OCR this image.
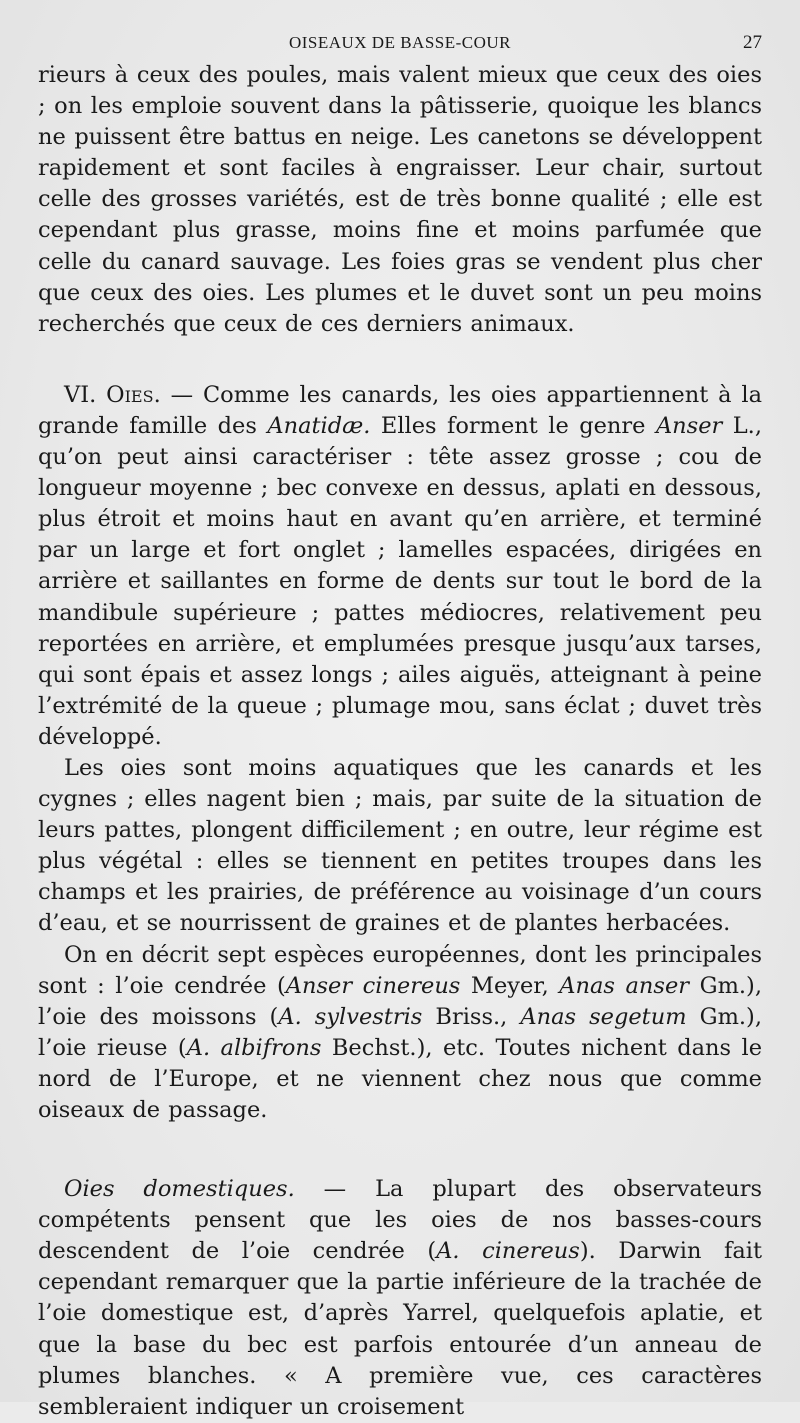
OISEAUX DE BASSE-COUR	27

rieurs à ceux des poules, mais valent mieux que ceux des oies ; on les emploie souvent dans la pâtisserie, quoique les blancs ne puissent être battus en neige. Les canetons se développent rapidement et sont faciles à engraisser. Leur chair, surtout celle des grosses variétés, est de très bonne qualité ; elle est cependant plus grasse, moins fine et moins parfumée que celle du canard sauvage. Les foies gras se vendent plus cher que ceux des oies. Les plumes et le duvet sont un peu moins recherchés que ceux de ces derniers animaux.

VI. Oies. — Comme les canards, les oies appartiennent à la grande famille des Anatidæ. Elles forment le genre Anser L., qu’on peut ainsi caractériser : tête assez grosse ; cou de longueur moyenne ; bec convexe en dessus, aplati en dessous, plus étroit et moins haut en avant qu’en arrière, et terminé par un large et fort onglet ; lamelles espacées, dirigées en arrière et saillantes en forme de dents sur tout le bord de la mandibule supérieure ; pattes médiocres, relativement peu reportées en arrière, et emplumées presque jusqu’aux tarses, qui sont épais et assez longs ; ailes aiguës, atteignant à peine l’extrémité de la queue ; plumage mou, sans éclat ; duvet très développé.

Les oies sont moins aquatiques que les canards et les cygnes ; elles nagent bien ; mais, par suite de la situation de leurs pattes, plongent difficilement ; en outre, leur régime est plus végétal : elles se tiennent en petites troupes dans les champs et les prairies, de préférence au voisinage d’un cours d’eau, et se nourrissent de graines et de plantes herbacées.

On en décrit sept espèces européennes, dont les principales sont : l’oie cendrée (Anser cinereus Meyer, Anas anser Gm.), l’oie des moissons (A. sylvestris Briss., Anas segetum Gm.), l’oie rieuse (A. albifrons Bechst.), etc. Toutes nichent dans le nord de l’Europe, et ne viennent chez nous que comme oiseaux de passage.

Oies domestiques. — La plupart des observateurs compétents pensent que les oies de nos basses-cours descendent de l’oie cendrée (A. cinereus). Darwin fait cependant remarquer que la partie inférieure de la trachée de l’oie domestique est, d’après Yarrel, quelquefois aplatie, et que la base du bec est parfois entourée d’un anneau de plumes blanches. « A première vue, ces caractères sembleraient indiquer un croisement
